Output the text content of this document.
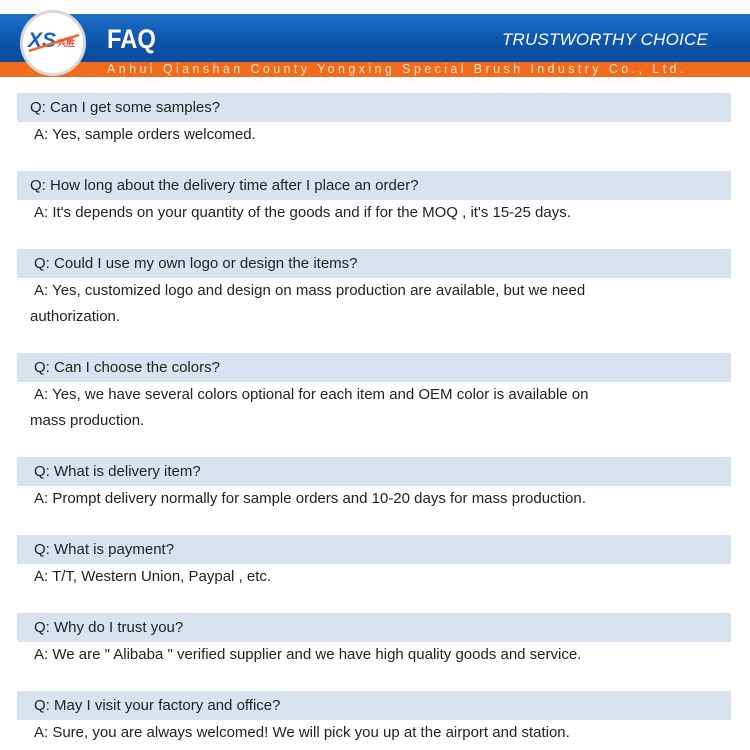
FAQ	TRUSTWORTHY CHOICE
Anhui Qianshan County Yongxing Special Brush Industry Co., Ltd.
XS 兴胜
Q: Can I get some samples?
A: Yes, sample orders welcomed.
Q: How long about the delivery time after I place an order?
A: It's depends on your quantity of the goods and if for the MOQ , it's 15-25 days.
Q: Could I use my own logo or design the items?
A: Yes, customized logo and design on mass production are available, but we need
authorization.
Q: Can I choose the colors?
A: Yes, we have several colors optional for each item and OEM color is available on
mass production.
Q: What is delivery item?
A: Prompt delivery normally for sample orders and 10-20 days for mass production.
Q: What is payment?
A: T/T, Western Union, Paypal , etc.
Q: Why do I trust you?
A: We are " Alibaba " verified supplier and we have high quality goods and service.
Q: May I visit your factory and office?
A: Sure, you are always welcomed! We will pick you up at the airport and station.
